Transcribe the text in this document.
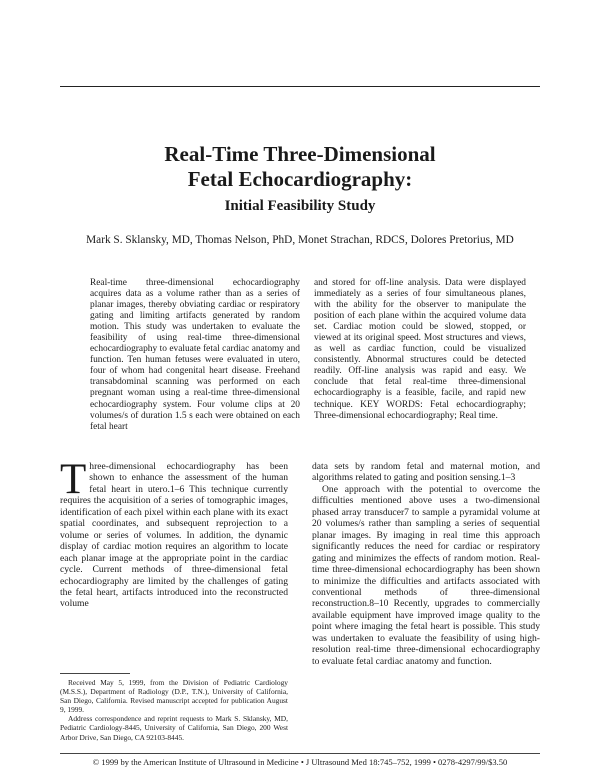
Real-Time Three-Dimensional
Fetal Echocardiography:
Initial Feasibility Study
Mark S. Sklansky, MD, Thomas Nelson, PhD, Monet Strachan, RDCS, Dolores Pretorius, MD
Real-time three-dimensional echocardiography acquires data as a volume rather than as a series of planar images, thereby obviating cardiac or respiratory gating and limiting artifacts generated by random motion. This study was undertaken to evaluate the feasibility of using real-time three-dimensional echocardiography to evaluate fetal cardiac anatomy and function. Ten human fetuses were evaluated in utero, four of whom had congenital heart disease. Freehand transabdominal scanning was performed on each pregnant woman using a real-time three-dimensional echocardiography system. Four volume clips at 20 volumes/s of duration 1.5 s each were obtained on each fetal heart
and stored for off-line analysis. Data were displayed immediately as a series of four simultaneous planes, with the ability for the observer to manipulate the position of each plane within the acquired volume data set. Cardiac motion could be slowed, stopped, or viewed at its original speed. Most structures and views, as well as cardiac function, could be visualized consistently. Abnormal structures could be detected readily. Off-line analysis was rapid and easy. We conclude that fetal real-time three-dimensional echocardiography is a feasible, facile, and rapid new technique. KEY WORDS: Fetal echocardiography; Three-dimensional echocardiography; Real time.

Three-dimensional echocardiography has been shown to enhance the assessment of the human fetal heart in utero.1–6 This technique currently requires the acquisition of a series of tomographic images, identification of each pixel within each plane with its exact spatial coordinates, and subsequent reprojection to a volume or series of volumes. In addition, the dynamic display of cardiac motion requires an algorithm to locate each planar image at the appropriate point in the cardiac cycle. Current methods of three-dimensional fetal echocardiography are limited by the challenges of gating the fetal heart, artifacts introduced into the reconstructed volume

data sets by random fetal and maternal motion, and algorithms related to gating and position sensing.1–3

One approach with the potential to overcome the difficulties mentioned above uses a two-dimensional phased array transducer7 to sample a pyramidal volume at 20 volumes/s rather than sampling a series of sequential planar images. By imaging in real time this approach significantly reduces the need for cardiac or respiratory gating and minimizes the effects of random motion. Real-time three-dimensional echocardiography has been shown to minimize the difficulties and artifacts associated with conventional methods of three-dimensional reconstruction.8–10 Recently, upgrades to commercially available equipment have improved image quality to the point where imaging the fetal heart is possible. This study was undertaken to evaluate the feasibility of using high-resolution real-time three-dimensional echocardiography to evaluate fetal cardiac anatomy and function.

Received May 5, 1999, from the Division of Pediatric Cardiology (M.S.S.), Department of Radiology (D.P., T.N.), University of California, San Diego, California. Revised manuscript accepted for publication August 9, 1999.

Address correspondence and reprint requests to Mark S. Sklansky, MD, Pediatric Cardiology-8445, University of California, San Diego, 200 West Arbor Drive, San Diego, CA 92103-8445.

© 1999 by the American Institute of Ultrasound in Medicine • J Ultrasound Med 18:745–752, 1999 • 0278-4297/99/$3.50
